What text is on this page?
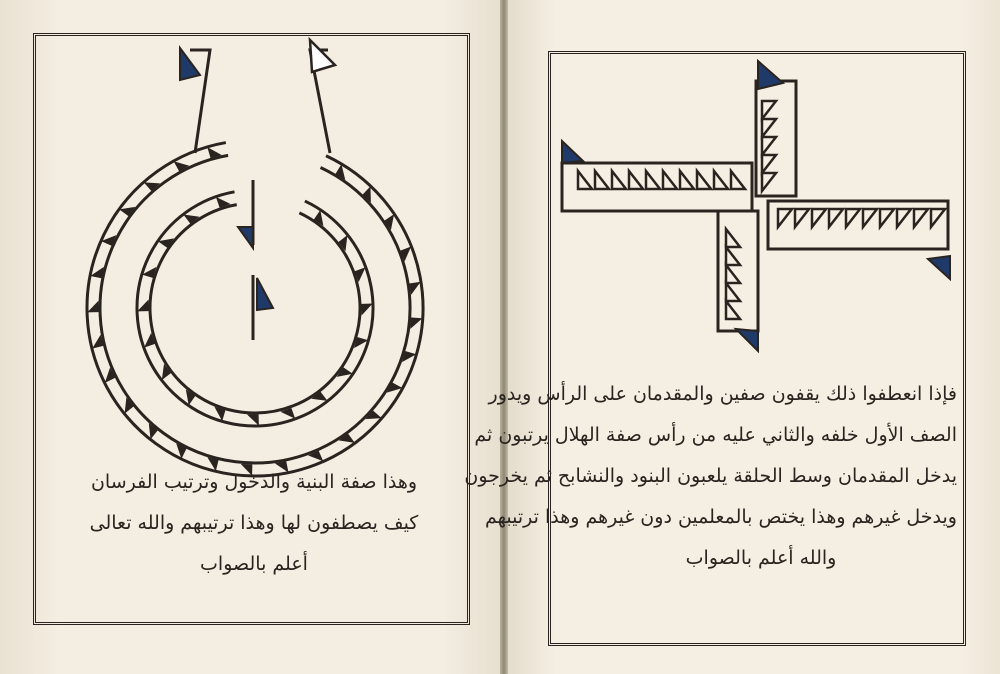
وهذا صفة البنية والدخول وترتيب الفرسان
كيف يصطفون لها وهذا ترتيبهم والله تعالى
أعلم بالصواب
فإذا انعطفوا ذلك يقفون صفين والمقدمان على الرأس ويدور
الصف الأول خلفه والثاني عليه من رأس صفة الهلال يرتبون ثم
يدخل المقدمان وسط الحلقة يلعبون البنود والنشابح ثم يخرجون
ويدخل غيرهم وهذا يختص بالمعلمين دون غيرهم وهذا ترتيبهم
والله أعلم بالصواب
